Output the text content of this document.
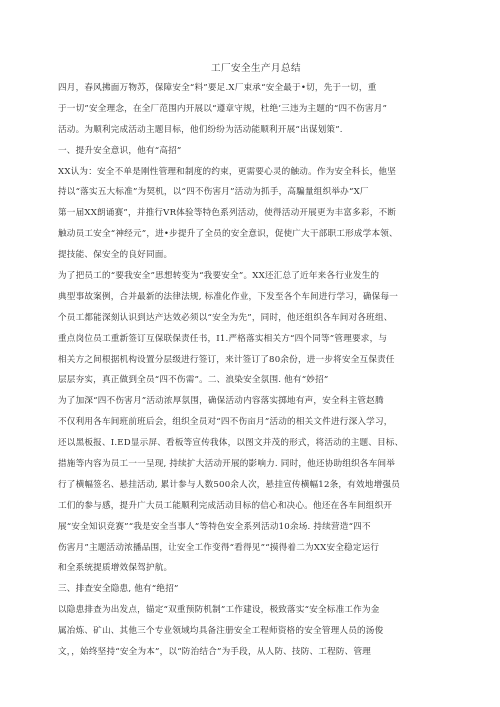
工厂安全生产月总结
四月，春风拂面万物苏，保障安全“料”要足.X厂束承“安全最于•切，先于一切，重
于一切”安全理念，在全厂范围内开展以“遵章守规，杜绝’三违为主题的“四不伤害月”
活动。为顺利完成活动主题目标，他们纷纷为活动能顺利开展“出谋划策”.
一、提升安全意识，他有“高招”
XX认为：安全不单是刚性管理和制度的约束，更需要心灵的触动。作为安全科长，他坚
持以“落实五大标准”为契机，以“四不伤害月”活动为抓手，高騙量组织举办“X厂
第一届XX朗诵赛”，并推行VR体验等特色系列活动，使得活动开展更为丰富多彩，不断
触动员工安全“神经元”，进•步提升了全员的安全意识，促使广大干部职工形成学本领、
提技能、保安全的良好同面。
为了把员工的“要我安全”思想转变为“我要安全”。XX还汇总了近年来各行业发生的
典型事故案例，合并最新的法律法规, 标准化作业，下发至各个车间进行学习，确保每一
个员工都能深刻认识到达产达效必须以“安全为先”，同时，他还组织各车间对各班组、
重点岗位员工重新签订互保联保责任书，I1.严格落实相关方“四个同等”管理要求，与
相关方之间根据机构设置分层级进行签订，来计签订了80余份，进一步将安全互保责任
层层夯实，真正做到全员“四不伤需”。二、浪染安全氛围. 他有“妙招”
为了加深“四不伤害月”活动浓厚氛围，确保活动内容落实掷地有声，安全科主管赵腾
不仅利用各车间班前班后会，组织全员对“四不伤亩月”活动的相关文件进行深入学习，
还以黑板报、I.ED显示屏、看板等宣传我体，以图文并茂的形式，将活动的主题、目标、
措施等内容为员工一一呈现, 持续扩大活动开展的影响力. 同时，他还协助组织各车间举
行了横幅签名、悬挂活动, 累计参与人数500余人次，悬挂宣传横幅12条，有效地增强员
工们的参与感，提升广大员工能顺利完成活动目标的信心和决心。他还在各车间组织开
展“安全知识竞赛”“我是安全当事人”等特色安全系列活动10余场. 持续营造“四不
伤害月”主题活动浓播品围，让安全工作变得“看得见”“摸得着二为XX安全稳定运行
和全系统提质增效保驾护航。
三、排查安全隐患, 他有“绝招”
以隐患排查为出发点，锚定“双重预防机制”工作建设，极致落实“安全标准工作为金
属冶炼、矿山、其他三个专业领域均具备注册安全工程师资格的安全管理人员的汤俊
文，，始终坚持“安全为本”，以“防治结合”为手段，从人防、技防、工程防、管理
